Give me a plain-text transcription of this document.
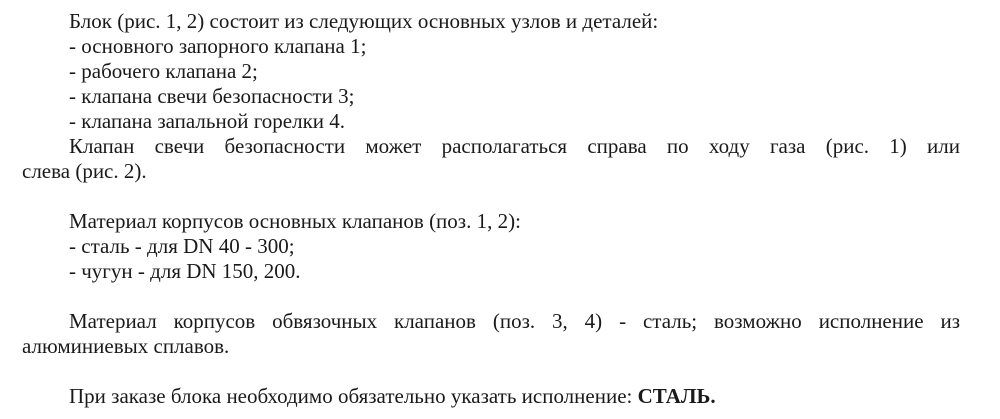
Блок (рис. 1, 2) состоит из следующих основных узлов и деталей:
- основного запорного клапана 1;
- рабочего клапана 2;
- клапана свечи безопасности 3;
- клапана запальной горелки 4.
Клапан свечи безопасности может располагаться справа по ходу газа (рис. 1) или
слева (рис. 2).
Материал корпусов основных клапанов (поз. 1, 2):
- сталь - для DN 40 - 300;
- чугун - для DN 150, 200.
Материал корпусов обвязочных клапанов (поз. 3, 4) - сталь; возможно исполнение из
алюминиевых сплавов.
При заказе блока необходимо обязательно указать исполнение: СТАЛЬ.
